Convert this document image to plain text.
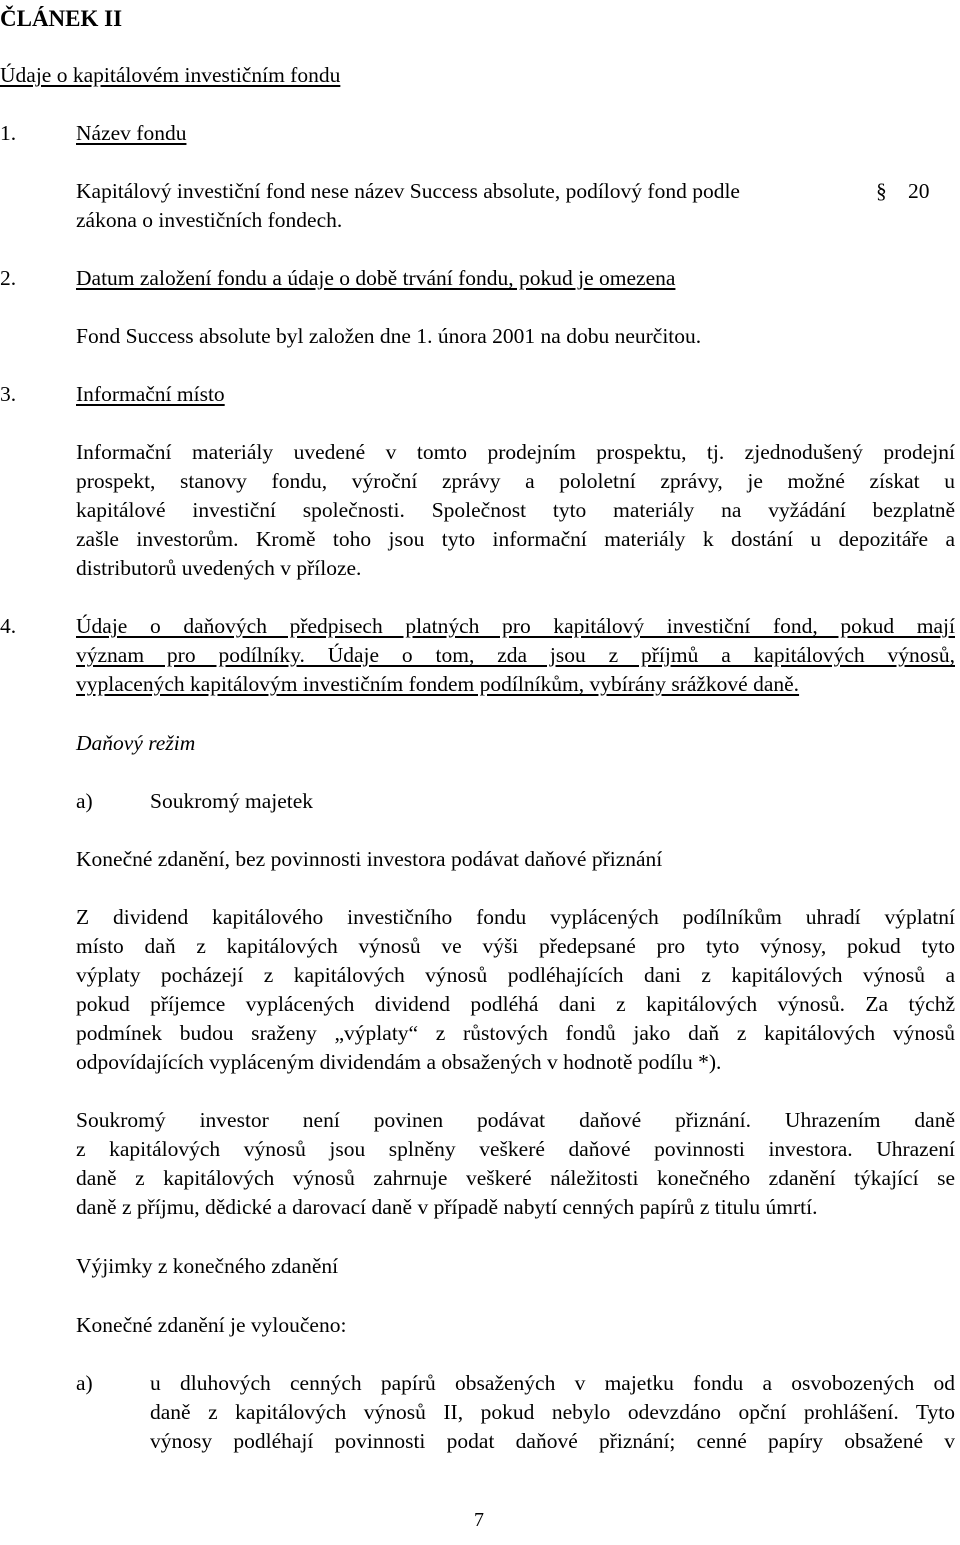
ČLÁNEK II
Údaje o kapitálovém investičním fondu
1.	Název fondu
Kapitálový investiční fond nese název Success absolute, podílový fond podle	§ 20
zákona o investičních fondech.
2.	Datum založení fondu a údaje o době trvání fondu, pokud je omezena
Fond Success absolute byl založen dne 1. února 2001 na dobu neurčitou.
3.	Informační místo
Informační materiály uvedené v tomto prodejním prospektu, tj. zjednodušený prodejní
prospekt, stanovy fondu, výroční zprávy a pololetní zprávy, je možné získat u
kapitálové investiční společnosti. Společnost tyto materiály na vyžádání bezplatně
zašle investorům. Kromě toho jsou tyto informační materiály k dostání u depozitáře a
distributorů uvedených v příloze.
4.	Údaje o daňových předpisech platných pro kapitálový investiční fond, pokud mají
význam pro podílníky. Údaje o tom, zda jsou z příjmů a kapitálových výnosů,
vyplacených kapitálovým investičním fondem podílníkům, vybírány srážkové daně.
Daňový režim
a)	Soukromý majetek
Konečné zdanění, bez povinnosti investora podávat daňové přiznání
Z dividend kapitálového investičního fondu vyplácených podílníkům uhradí výplatní
místo daň z kapitálových výnosů ve výši předepsané pro tyto výnosy, pokud tyto
výplaty pocházejí z kapitálových výnosů podléhajících dani z kapitálových výnosů a
pokud příjemce vyplácených dividend podléhá dani z kapitálových výnosů. Za týchž
podmínek budou sraženy „výplaty“ z růstových fondů jako daň z kapitálových výnosů
odpovídajících vypláceným dividendám a obsažených v hodnotě podílu *).
Soukromý investor není povinen podávat daňové přiznání. Uhrazením daně
z kapitálových výnosů jsou splněny veškeré daňové povinnosti investora. Uhrazení
daně z kapitálových výnosů zahrnuje veškeré náležitosti konečného zdanění týkající se
daně z příjmu, dědické a darovací daně v případě nabytí cenných papírů z titulu úmrtí.
Výjimky z konečného zdanění
Konečné zdanění je vyloučeno:
a)	u dluhových cenných papírů obsažených v majetku fondu a osvobozených od
daně z kapitálových výnosů II, pokud nebylo odevzdáno opční prohlášení. Tyto
výnosy podléhají povinnosti podat daňové přiznání; cenné papíry obsažené v
7
